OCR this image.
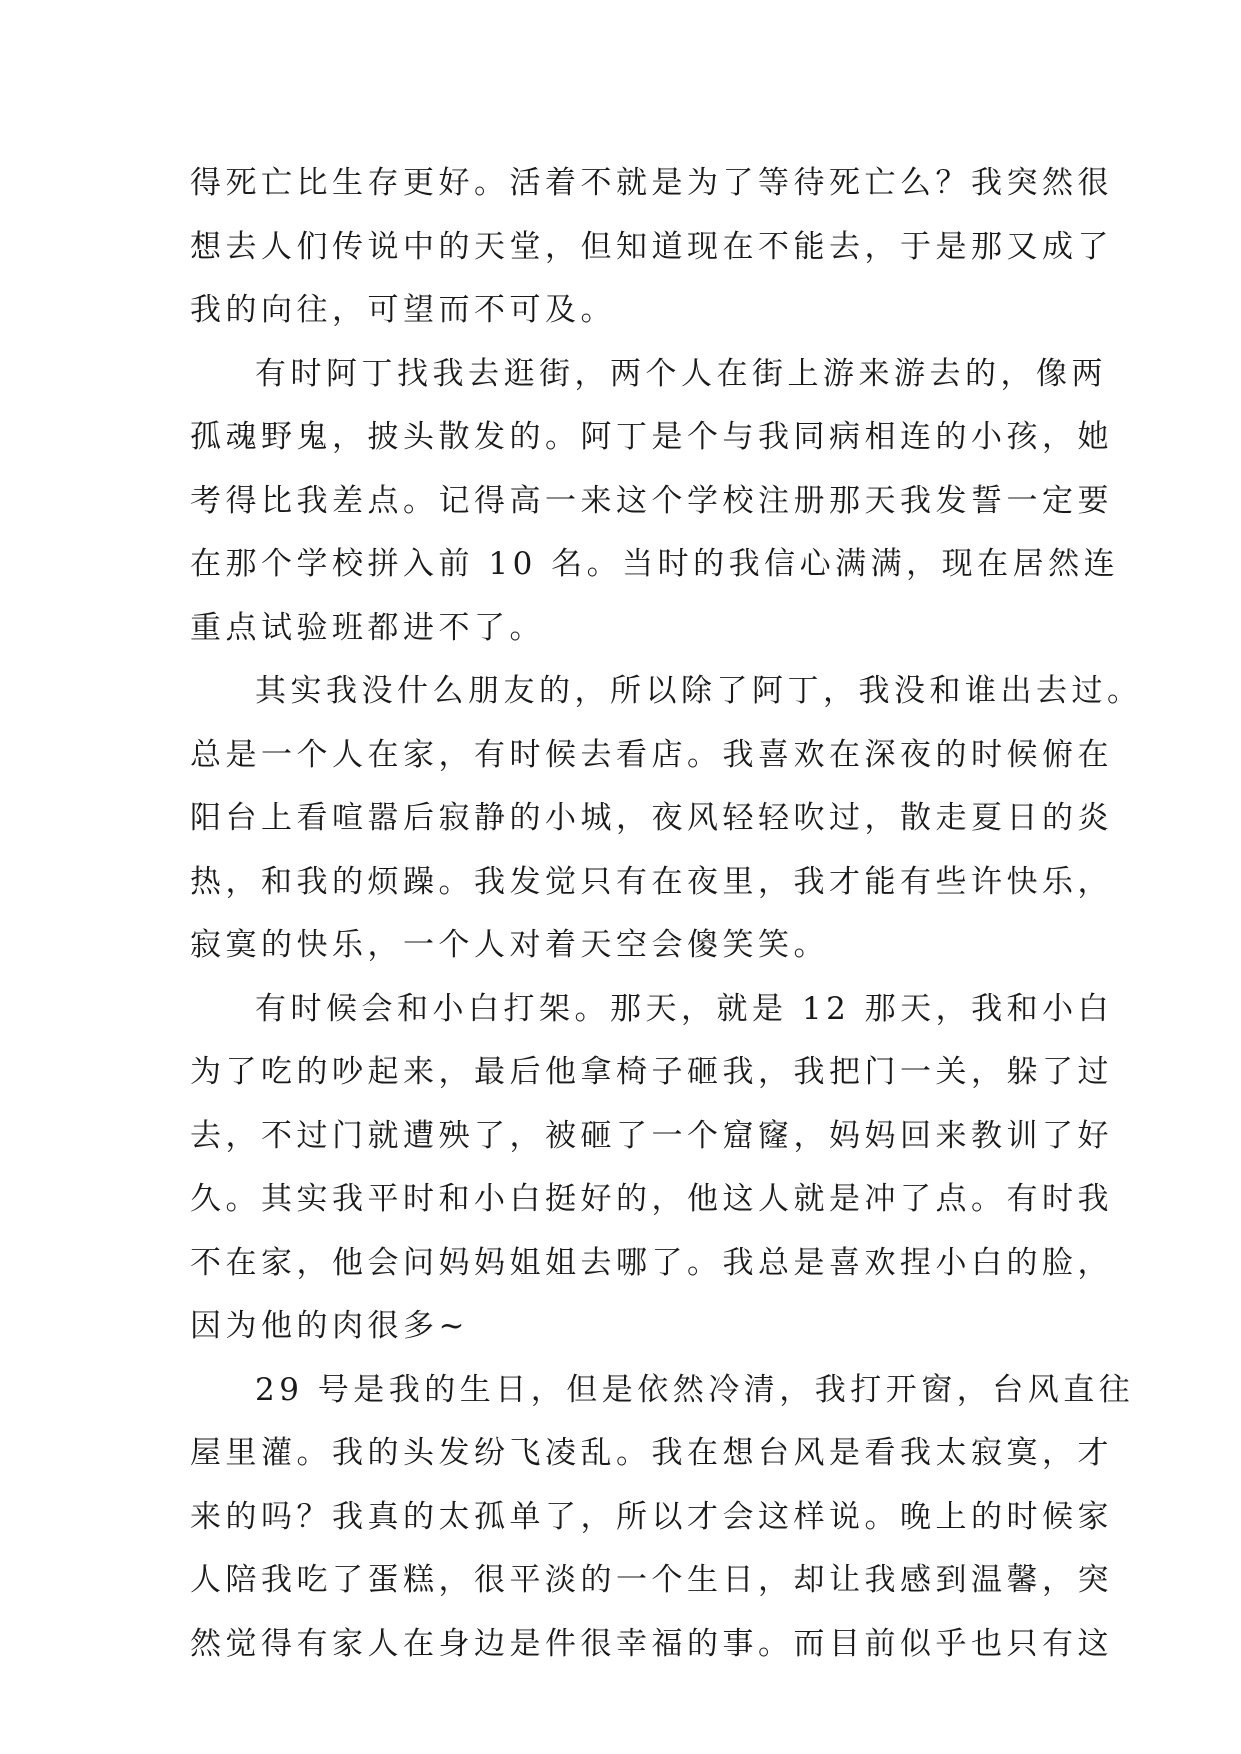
得死亡比生存更好。活着不就是为了等待死亡么？我突然很
想去人们传说中的天堂，但知道现在不能去，于是那又成了
我的向往，可望而不可及。
有时阿丁找我去逛街，两个人在街上游来游去的，像两
孤魂野鬼，披头散发的。阿丁是个与我同病相连的小孩，她
考得比我差点。记得高一来这个学校注册那天我发誓一定要
在那个学校拼入前 10 名。当时的我信心满满，现在居然连
重点试验班都进不了。
其实我没什么朋友的，所以除了阿丁，我没和谁出去过。
总是一个人在家，有时候去看店。我喜欢在深夜的时候俯在
阳台上看喧嚣后寂静的小城，夜风轻轻吹过，散走夏日的炎
热，和我的烦躁。我发觉只有在夜里，我才能有些许快乐，
寂寞的快乐，一个人对着天空会傻笑笑。
有时候会和小白打架。那天，就是 12 那天，我和小白
为了吃的吵起来，最后他拿椅子砸我，我把门一关，躲了过
去，不过门就遭殃了，被砸了一个窟窿，妈妈回来教训了好
久。其实我平时和小白挺好的，他这人就是冲了点。有时我
不在家，他会问妈妈姐姐去哪了。我总是喜欢捏小白的脸，
因为他的肉很多~
29 号是我的生日，但是依然冷清，我打开窗，台风直往
屋里灌。我的头发纷飞凌乱。我在想台风是看我太寂寞，才
来的吗？我真的太孤单了，所以才会这样说。晚上的时候家
人陪我吃了蛋糕，很平淡的一个生日，却让我感到温馨，突
然觉得有家人在身边是件很幸福的事。而目前似乎也只有这
